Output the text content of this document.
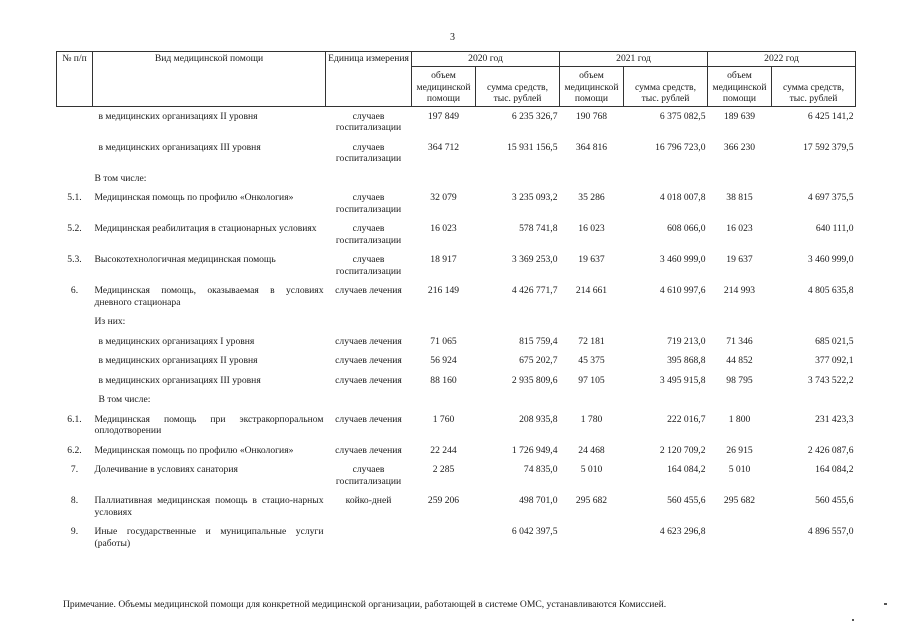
3
№ п/п	Вид медицинской помощи	Единица измерения	2020 год		2021 год		2022 год	
			объем медицинской помощи	сумма средств, тыс. рублей	объем медицинской помощи	сумма средств, тыс. рублей	объем медицинской помощи	сумма средств, тыс. рублей
	в медицинских организациях II уровня	случаев госпитализации	197 849	6 235 326,7	190 768	6 375 082,5	189 639	6 425 141,2
	в медицинских организациях III уровня	случаев госпитализации	364 712	15 931 156,5	364 816	16 796 723,0	366 230	17 592 379,5
	В том числе:							
5.1.	Медицинская помощь по профилю «Онкология»	случаев госпитализации	32 079	3 235 093,2	35 286	4 018 007,8	38 815	4 697 375,5
5.2.	Медицинская реабилитация в стационарных условиях	случаев госпитализации	16 023	578 741,8	16 023	608 066,0	16 023	640 111,0
5.3.	Высокотехнологичная медицинская помощь	случаев госпитализации	18 917	3 369 253,0	19 637	3 460 999,0	19 637	3 460 999,0
6.	Медицинская помощь, оказываемая в условиях дневного стационара	случаев лечения	216 149	4 426 771,7	214 661	4 610 997,6	214 993	4 805 635,8
	Из них:							
	в медицинских организациях I уровня	случаев лечения	71 065	815 759,4	72 181	719 213,0	71 346	685 021,5
	в медицинских организациях II уровня	случаев лечения	56 924	675 202,7	45 375	395 868,8	44 852	377 092,1
	в медицинских организациях III уровня	случаев лечения	88 160	2 935 809,6	97 105	3 495 915,8	98 795	3 743 522,2
	В том числе:							
6.1.	Медицинская помощь при экстракорпоральном оплодотворении	случаев лечения	1 760	208 935,8	1 780	222 016,7	1 800	231 423,3
6.2.	Медицинская помощь по профилю «Онкология»	случаев лечения	22 244	1 726 949,4	24 468	2 120 709,2	26 915	2 426 087,6
7.	Долечивание в условиях санатория	случаев госпитализации	2 285	74 835,0	5 010	164 084,2	5 010	164 084,2
8.	Паллиативная медицинская помощь в стацио-нарных условиях	койко-дней	259 206	498 701,0	295 682	560 455,6	295 682	560 455,6
9.	Иные государственные и муниципальные услуги (работы)			6 042 397,5		4 623 296,8		4 896 557,0
Примечание. Объемы медицинской помощи для конкретной медицинской организации, работающей в системе ОМС, устанавливаются Комиссией.
